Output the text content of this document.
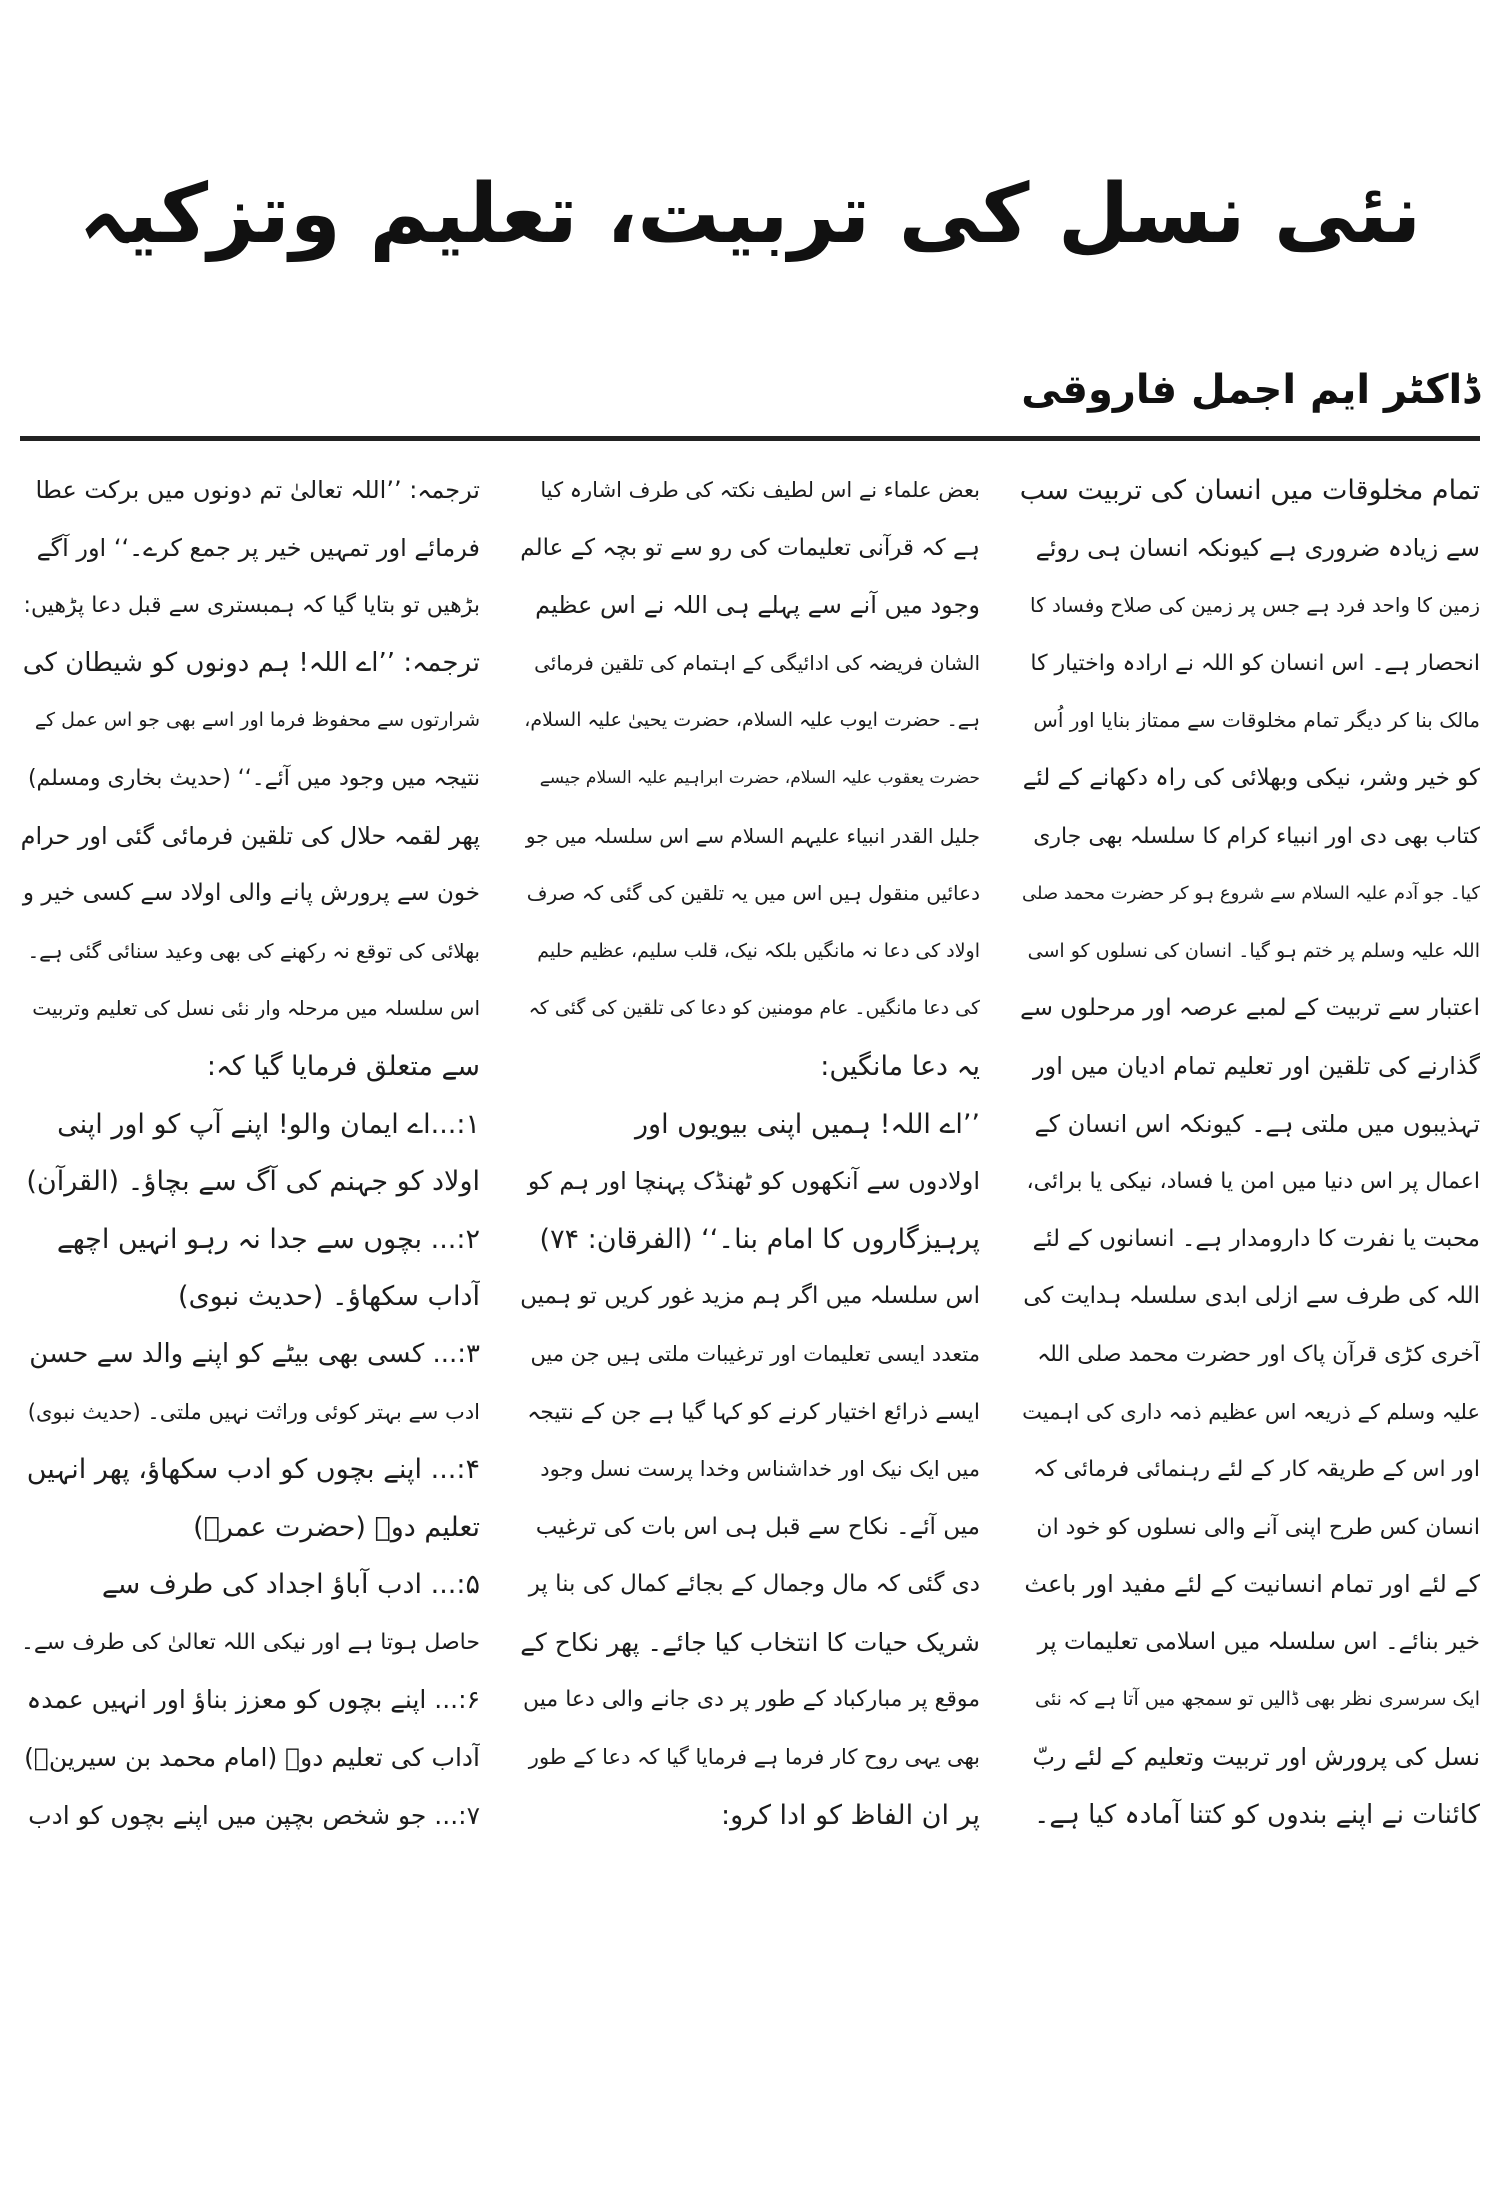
نئی نسل کی تربیت، تعلیم وتزکیہ
ڈاکٹر ایم اجمل فاروقی
تمام مخلوقات میں انسان کی تربیت سب
سے زیادہ ضروری ہے کیونکہ انسان ہی روئے
زمین کا واحد فرد ہے جس پر زمین کی صلاح وفساد کا
انحصار ہے۔ اس انسان کو اللہ نے ارادہ واختیار کا
مالک بنا کر دیگر تمام مخلوقات سے ممتاز بنایا اور اُس
کو خیر وشر، نیکی وبھلائی کی راہ دکھانے کے لئے
کتاب بھی دی اور انبیاء کرام کا سلسلہ بھی جاری
کیا۔ جو آدم علیہ السلام سے شروع ہو کر حضرت محمد صلی
اللہ علیہ وسلم پر ختم ہو گیا۔ انسان کی نسلوں کو اسی
اعتبار سے تربیت کے لمبے عرصہ اور مرحلوں سے
گذارنے کی تلقین اور تعلیم تمام ادیان میں اور
تہذیبوں میں ملتی ہے۔ کیونکہ اس انسان کے
اعمال پر اس دنیا میں امن یا فساد، نیکی یا برائی،
محبت یا نفرت کا دارومدار ہے۔ انسانوں کے لئے
اللہ کی طرف سے ازلی ابدی سلسلہ ہدایت کی
آخری کڑی قرآن پاک اور حضرت محمد صلی اللہ
علیہ وسلم کے ذریعہ اس عظیم ذمہ داری کی اہمیت
اور اس کے طریقہ کار کے لئے رہنمائی فرمائی کہ
انسان کس طرح اپنی آنے والی نسلوں کو خود ان
کے لئے اور تمام انسانیت کے لئے مفید اور باعث
خیر بنائے۔ اس سلسلہ میں اسلامی تعلیمات پر
ایک سرسری نظر بھی ڈالیں تو سمجھ میں آتا ہے کہ نئی
نسل کی پرورش اور تربیت وتعلیم کے لئے ربّ
کائنات نے اپنے بندوں کو کتنا آمادہ کیا ہے۔
بعض علماء نے اس لطیف نکتہ کی طرف اشارہ کیا
ہے کہ قرآنی تعلیمات کی رو سے تو بچہ کے عالم
وجود میں آنے سے پہلے ہی اللہ نے اس عظیم
الشان فریضہ کی ادائیگی کے اہتمام کی تلقین فرمائی
ہے۔ حضرت ایوب علیہ السلام، حضرت یحییٰ علیہ السلام،
حضرت یعقوب علیہ السلام، حضرت ابراہیم علیہ السلام جیسے
جلیل القدر انبیاء علیہم السلام سے اس سلسلہ میں جو
دعائیں منقول ہیں اس میں یہ تلقین کی گئی کہ صرف
اولاد کی دعا نہ مانگیں بلکہ نیک، قلب سلیم، عظیم حلیم
کی دعا مانگیں۔ عام مومنین کو دعا کی تلقین کی گئی کہ
یہ دعا مانگیں:
’’اے اللہ! ہمیں اپنی بیویوں اور
اولادوں سے آنکھوں کو ٹھنڈک پہنچا اور ہم کو
پرہیزگاروں کا امام بنا۔‘‘ (الفرقان: ۷۴)
اس سلسلہ میں اگر ہم مزید غور کریں تو ہمیں
متعدد ایسی تعلیمات اور ترغیبات ملتی ہیں جن میں
ایسے ذرائع اختیار کرنے کو کہا گیا ہے جن کے نتیجہ
میں ایک نیک اور خداشناس وخدا پرست نسل وجود
میں آئے۔ نکاح سے قبل ہی اس بات کی ترغیب
دی گئی کہ مال وجمال کے بجائے کمال کی بنا پر
شریک حیات کا انتخاب کیا جائے۔ پھر نکاح کے
موقع پر مبارکباد کے طور پر دی جانے والی دعا میں
بھی یہی روح کار فرما ہے فرمایا گیا کہ دعا کے طور
پر ان الفاظ کو ادا کرو:
ترجمہ: ’’اللہ تعالیٰ تم دونوں میں برکت عطا
فرمائے اور تمہیں خیر پر جمع کرے۔‘‘ اور آگے
بڑھیں تو بتایا گیا کہ ہمبستری سے قبل دعا پڑھیں:
ترجمہ: ’’اے اللہ! ہم دونوں کو شیطان کی
شرارتوں سے محفوظ فرما اور اسے بھی جو اس عمل کے
نتیجہ میں وجود میں آئے۔‘‘ (حدیث بخاری ومسلم)
پھر لقمہ حلال کی تلقین فرمائی گئی اور حرام
خون سے پرورش پانے والی اولاد سے کسی خیر و
بھلائی کی توقع نہ رکھنے کی بھی وعید سنائی گئی ہے۔
اس سلسلہ میں مرحلہ وار نئی نسل کی تعلیم وتربیت
سے متعلق فرمایا گیا کہ:
۱:...اے ایمان والو! اپنے آپ کو اور اپنی
اولاد کو جہنم کی آگ سے بچاؤ۔ (القرآن)
۲:... بچوں سے جدا نہ رہو انہیں اچھے
آداب سکھاؤ۔ (حدیث نبوی)
۳:... کسی بھی بیٹے کو اپنے والد سے حسن
ادب سے بہتر کوئی وراثت نہیں ملتی۔ (حدیث نبوی)
۴:... اپنے بچوں کو ادب سکھاؤ، پھر انہیں
تعلیم دو۔ (حضرت عمرؓ)
۵:... ادب آباؤ اجداد کی طرف سے
حاصل ہوتا ہے اور نیکی اللہ تعالیٰ کی طرف سے۔
۶:... اپنے بچوں کو معزز بناؤ اور انہیں عمدہ
آداب کی تعلیم دو۔ (امام محمد بن سیرینؒ)
۷:... جو شخص بچپن میں اپنے بچوں کو ادب
